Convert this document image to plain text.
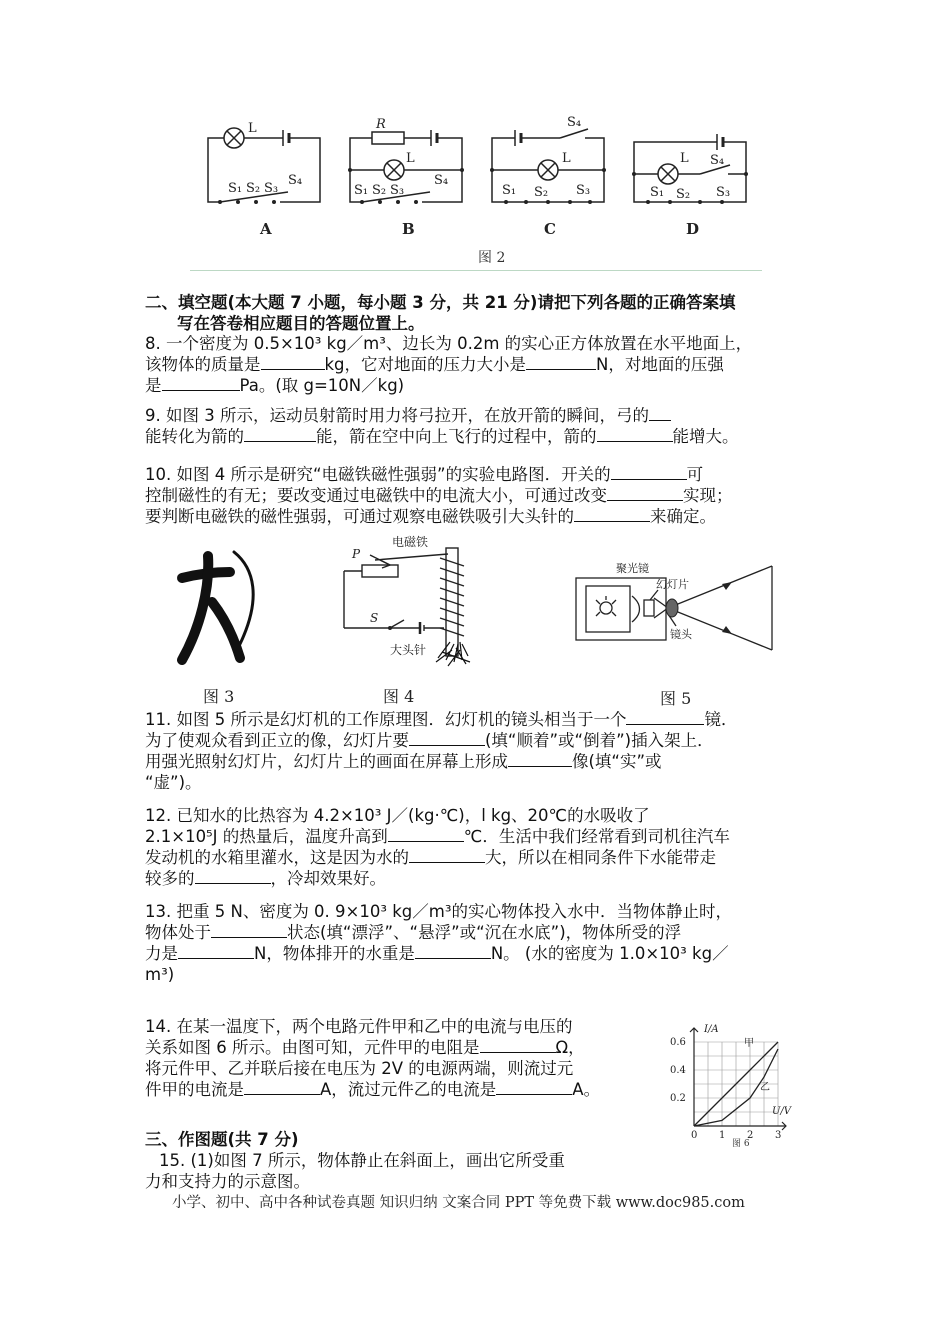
L
S₁ S₂ S₃
S₄
R
L
S₁ S₂ S₃
S₄
S₄
L
S₁ S₂ S₃
L S₄
S₁ S₂ S₃
A	B	C	D
图 2

二、填空题(本大题 7 小题，每小题 3 分，共 21 分)请把下列各题的正确答案填

写在答卷相应题目的答题位置上。

8. 一个密度为 0.5×10³ kg／m³、边长为 0.2m 的实心正方体放置在水平地面上，

该物体的质量是	kg，它对地面的压力大小是	N，对地面的压强

是	Pa。(取 g=10N／kg)

9. 如图 3 所示，运动员射箭时用力将弓拉开，在放开箭的瞬间，弓的

能转化为箭的	能，箭在空中向上飞行的过程中，箭的	能增大。

10. 如图 4 所示是研究“电磁铁磁性强弱”的实验电路图．开关的	可

控制磁性的有无；要改变通过电磁铁中的电流大小，可通过改变	实现；

要判断电磁铁的磁性强弱，可通过观察电磁铁吸引大头针的	来确定。

图 3
P
电磁铁
S
大头针
图 4
聚光镜
幻灯片
镜头
图 5

11. 如图 5 所示是幻灯机的工作原理图．幻灯机的镜头相当于一个	镜．

为了使观众看到正立的像，幻灯片要	(填“顺着”或“倒着”)插入架上．

用强光照射幻灯片，幻灯片上的画面在屏幕上形成	像(填“实”或

“虚”)。

12. 已知水的比热容为 4.2×10³ J／(kg·℃)，l kg、20℃的水吸收了

2.1×10⁵J 的热量后，温度升高到	℃．生活中我们经常看到司机往汽车

发动机的水箱里灌水，这是因为水的	大，所以在相同条件下水能带走

较多的	，冷却效果好。

13. 把重 5 N、密度为 0. 9×10³ kg／m³的实心物体投入水中．当物体静止时，

物体处于	状态(填“漂浮”、“悬浮”或“沉在水底”)，物体所受的浮

力是	N，物体排开的水重是	N。 (水的密度为 1.0×10³ kg／

m³)

14. 在某一温度下，两个电路元件甲和乙中的电流与电压的

关系如图 6 所示。由图可知，元件甲的电阻是	Ω，

将元件甲、乙并联后接在电压为 2V 的电源两端，则流过元

件甲的电流是	A，流过元件乙的电流是	A。

0 1 2 3
0.2
0.4
0.6
I/A
U/V
甲
乙
图 6
三、作图题(共 7 分)

15. (1)如图 7 所示，物体静止在斜面上，画出它所受重

力和支持力的示意图。

小学、初中、高中各种试卷真题 知识归纳 文案合同 PPT 等免费下载 www.doc985.com
